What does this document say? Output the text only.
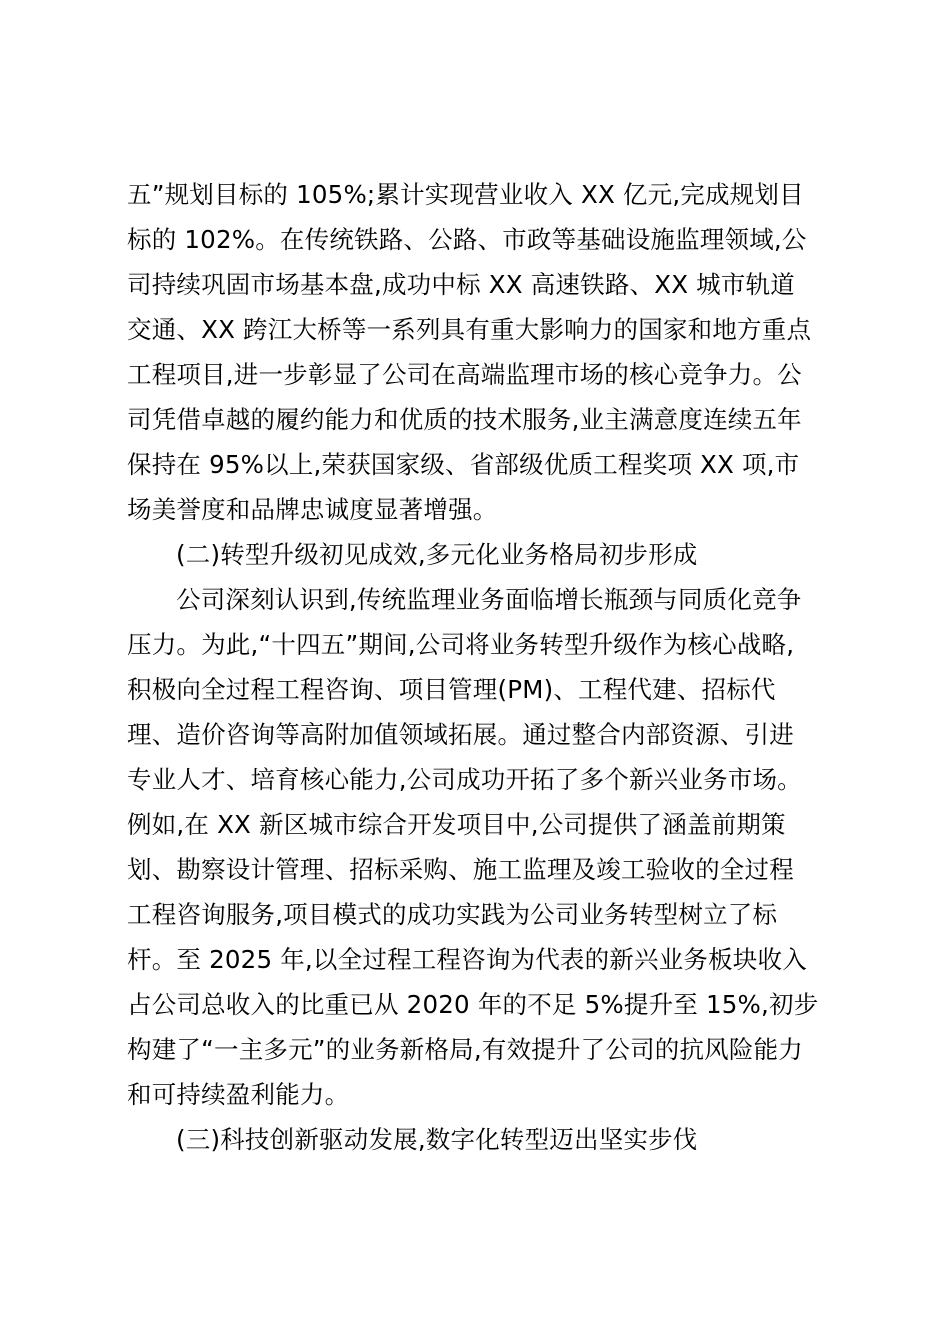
五”规划目标的 105%;累计实现营业收入 XX 亿元,完成规划目
标的 102%。在传统铁路、公路、市政等基础设施监理领域,公
司持续巩固市场基本盘,成功中标 XX 高速铁路、XX 城市轨道
交通、XX 跨江大桥等一系列具有重大影响力的国家和地方重点
工程项目,进一步彰显了公司在高端监理市场的核心竞争力。公
司凭借卓越的履约能力和优质的技术服务,业主满意度连续五年
保持在 95%以上,荣获国家级、省部级优质工程奖项 XX 项,市
场美誉度和品牌忠诚度显著增强。
(二)转型升级初见成效,多元化业务格局初步形成
公司深刻认识到,传统监理业务面临增长瓶颈与同质化竞争
压力。为此,“十四五”期间,公司将业务转型升级作为核心战略,
积极向全过程工程咨询、项目管理(PM)、工程代建、招标代
理、造价咨询等高附加值领域拓展。通过整合内部资源、引进
专业人才、培育核心能力,公司成功开拓了多个新兴业务市场。
例如,在 XX 新区城市综合开发项目中,公司提供了涵盖前期策
划、勘察设计管理、招标采购、施工监理及竣工验收的全过程
工程咨询服务,项目模式的成功实践为公司业务转型树立了标
杆。至 2025 年,以全过程工程咨询为代表的新兴业务板块收入
占公司总收入的比重已从 2020 年的不足 5%提升至 15%,初步
构建了“一主多元”的业务新格局,有效提升了公司的抗风险能力
和可持续盈利能力。
(三)科技创新驱动发展,数字化转型迈出坚实步伐
